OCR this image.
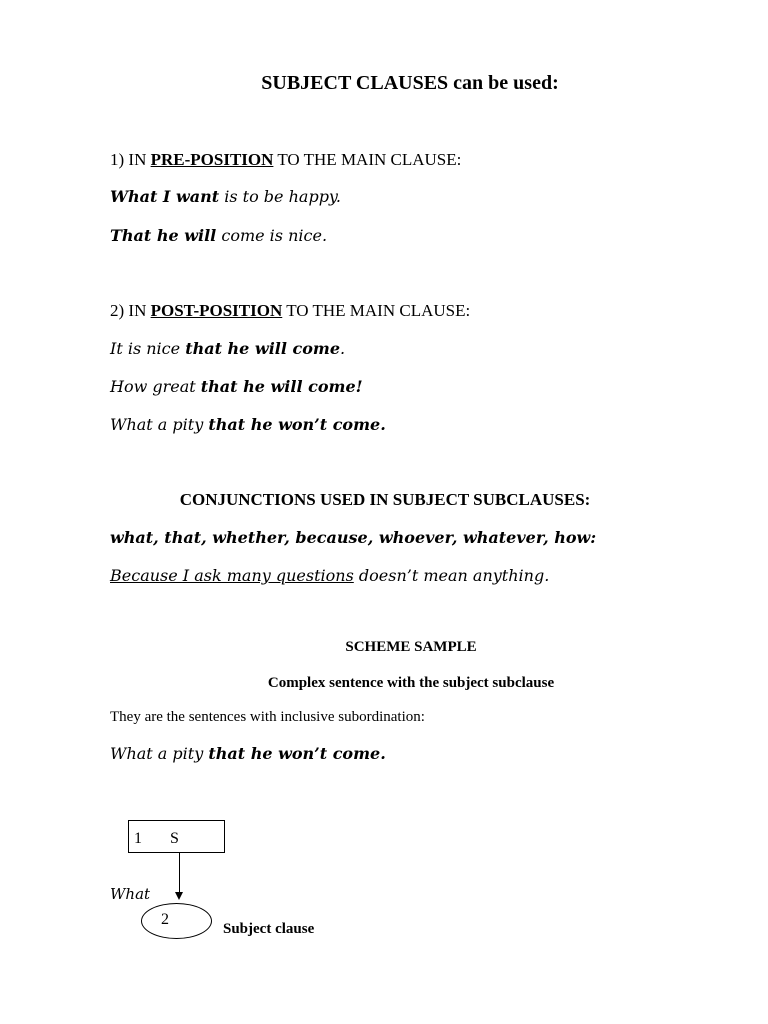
SUBJECT CLAUSES can be used:
1) IN PRE-POSITION TO THE MAIN CLAUSE:
What I want is to be happy.
That he will come is nice.
2) IN POST-POSITION TO THE MAIN CLAUSE:
It is nice that he will come.
How great that he will come!
What a pity that he won’t come.
CONJUNCTIONS USED IN SUBJECT SUBCLAUSES:
what, that, whether, because, whoever, whatever, how:
Because I ask many questions doesn’t mean anything.
SCHEME SAMPLE
Complex sentence with the subject subclause
They are the sentences with inclusive subordination:
What a pity that he won’t come.
1 S
What
2
Subject clause
